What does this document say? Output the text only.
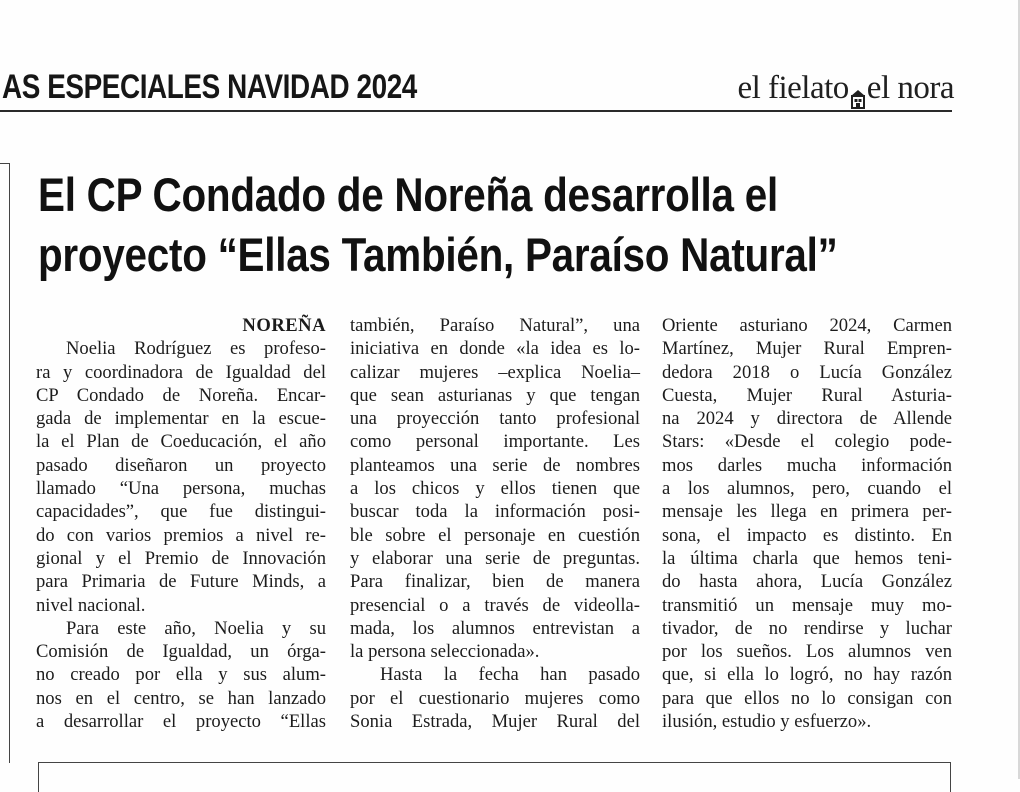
AS ESPECIALES NAVIDAD 2024	el fielato el nora
El CP Condado de Noreña desarrolla el
proyecto “Ellas También, Paraíso Natural”
NOREÑA
Noelia Rodríguez es profeso-
ra y coordinadora de Igualdad del
CP Condado de Noreña. Encar-
gada de implementar en la escue-
la el Plan de Coeducación, el año
pasado diseñaron un proyecto
llamado “Una persona, muchas
capacidades”, que fue distingui-
do con varios premios a nivel re-
gional y el Premio de Innovación
para Primaria de Future Minds, a
nivel nacional.
Para este año, Noelia y su
Comisión de Igualdad, un órga-
no creado por ella y sus alum-
nos en el centro, se han lanzado
a desarrollar el proyecto “Ellas
también, Paraíso Natural”, una
iniciativa en donde «la idea es lo-
calizar mujeres –explica Noelia–
que sean asturianas y que tengan
una proyección tanto profesional
como personal importante. Les
planteamos una serie de nombres
a los chicos y ellos tienen que
buscar toda la información posi-
ble sobre el personaje en cuestión
y elaborar una serie de preguntas.
Para finalizar, bien de manera
presencial o a través de videolla-
mada, los alumnos entrevistan a
la persona seleccionada».
Hasta la fecha han pasado
por el cuestionario mujeres como
Sonia Estrada, Mujer Rural del
Oriente asturiano 2024, Carmen
Martínez, Mujer Rural Empren-
dedora 2018 o Lucía González
Cuesta, Mujer Rural Asturia-
na 2024 y directora de Allende
Stars: «Desde el colegio pode-
mos darles mucha información
a los alumnos, pero, cuando el
mensaje les llega en primera per-
sona, el impacto es distinto. En
la última charla que hemos teni-
do hasta ahora, Lucía González
transmitió un mensaje muy mo-
tivador, de no rendirse y luchar
por los sueños. Los alumnos ven
que, si ella lo logró, no hay razón
para que ellos no lo consigan con
ilusión, estudio y esfuerzo».
